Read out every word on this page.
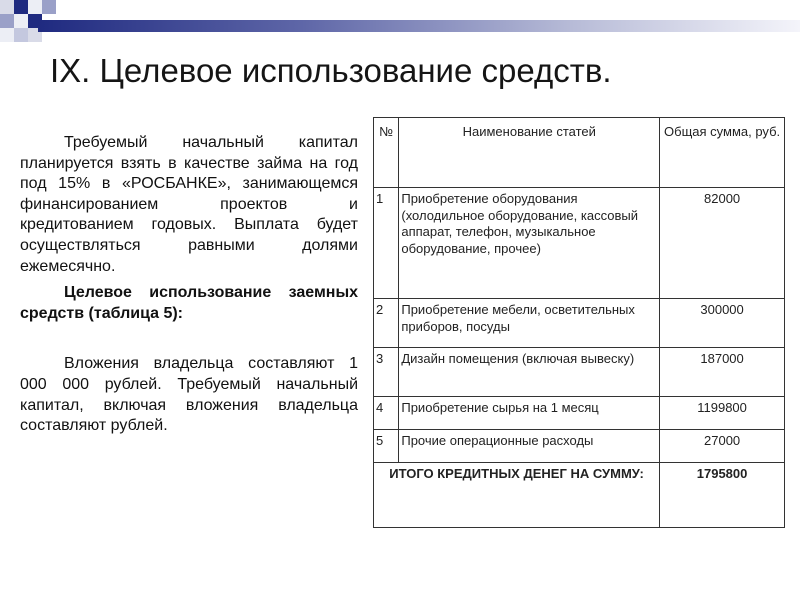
IX. Целевое использование средств.

Требуемый начальный капитал планируется взять в качестве займа на год под 15% в «РОСБАНКЕ», занимающемся финансированием проектов и кредитованием годовых. Выплата будет осуществляться равными долями ежемесячно.

Целевое использование заемных средств (таблица 5):

Вложения владельца составляют 1 000 000 рублей. Требуемый начальный капитал, включая вложения владельца составляют рублей.

№	Наименование статей	Общая сумма, руб.
1	Приобретение оборудования (холодильное оборудование, кассовый аппарат, телефон, музыкальное оборудование, прочее)	82000
2	Приобретение мебели, осветительных приборов, посуды	300000
3	Дизайн помещения (включая вывеску)	187000
4	Приобретение сырья на 1 месяц	1199800
5	Прочие операционные расходы	27000
ИТОГО КРЕДИТНЫХ ДЕНЕГ НА СУММУ:		1795800
